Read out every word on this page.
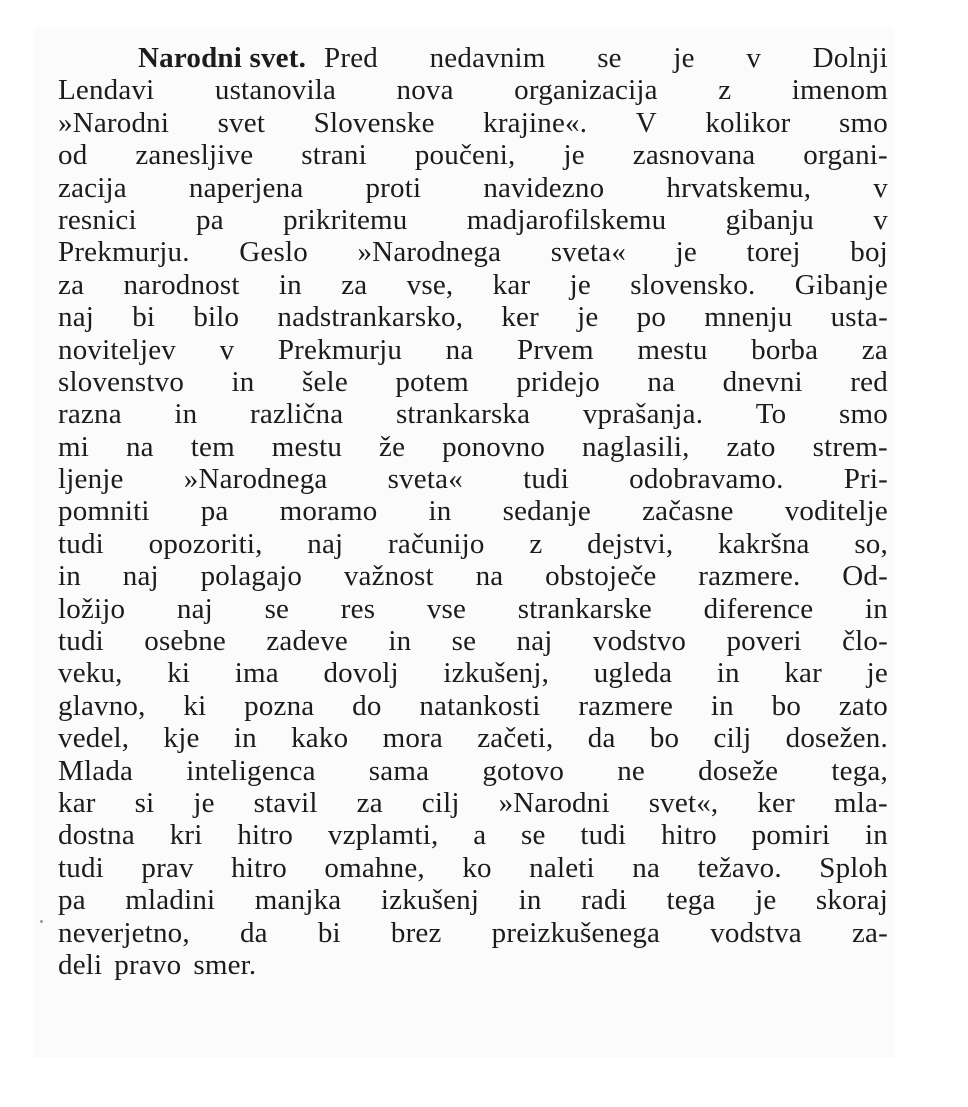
Narodni svet. Pred nedavnim se je v Dolnji
Lendavi ustanovila nova organizacija z imenom
»Narodni svet Slovenske krajine«. V kolikor smo
od zanesljive strani poučeni, je zasnovana organi-
zacija naperjena proti navidezno hrvatskemu, v
resnici pa prikritemu madjarofilskemu gibanju v
Prekmurju. Geslo »Narodnega sveta« je torej boj
za narodnost in za vse, kar je slovensko. Gibanje
naj bi bilo nadstrankarsko, ker je po mnenju usta-
noviteljev v Prekmurju na Prvem mestu borba za
slovenstvo in šele potem pridejo na dnevni red
razna in različna strankarska vprašanja. To smo
mi na tem mestu že ponovno naglasili, zato strem-
ljenje »Narodnega sveta« tudi odobravamo. Pri-
pomniti pa moramo in sedanje začasne voditelje
tudi opozoriti, naj računijo z dejstvi, kakršna so,
in naj polagajo važnost na obstoječe razmere. Od-
ložijo naj se res vse strankarske diference in
tudi osebne zadeve in se naj vodstvo poveri člo-
veku, ki ima dovolj izkušenj, ugleda in kar je
glavno, ki pozna do natankosti razmere in bo zato
vedel, kje in kako mora začeti, da bo cilj dosežen.
Mlada inteligenca sama gotovo ne doseže tega,
kar si je stavil za cilj »Narodni svet«, ker mla-
dostna kri hitro vzplamti, a se tudi hitro pomiri in
tudi prav hitro omahne, ko naleti na težavo. Sploh
pa mladini manjka izkušenj in radi tega je skoraj
neverjetno, da bi brez preizkušenega vodstva za-
deli pravo smer.
